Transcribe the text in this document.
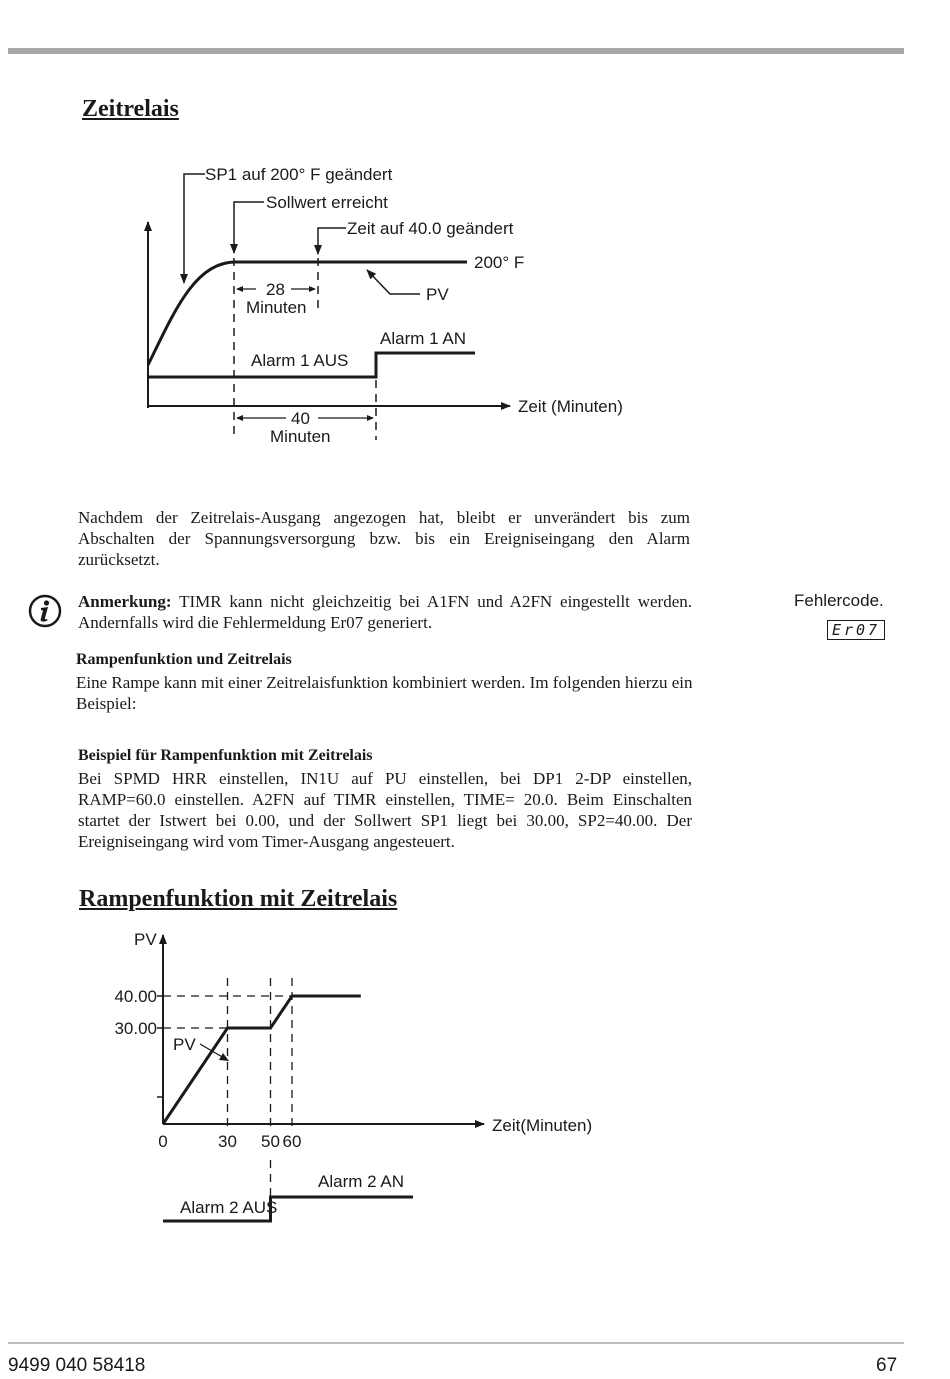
Zeitrelais
SP1 auf 200° F geändert
Sollwert erreicht
Zeit auf 40.0 geändert
200° F
PV
28
Minuten
Alarm 1 AUS
Alarm 1 AN
Zeit (Minuten)
40
Minuten
Nachdem der Zeitrelais-Ausgang angezogen hat, bleibt er unverändert bis zum Abschalten der Spannungsversorgung bzw. bis ein Ereigniseingang den Alarm zurücksetzt.
Anmerkung: TIMR kann nicht gleichzeitig bei A1FN und A2FN eingestellt werden. Andernfalls wird die Fehlermeldung Er07 generiert.
Fehlercode.
Er07
Rampenfunktion und Zeitrelais
Eine Rampe kann mit einer Zeitrelaisfunktion kombiniert werden. Im folgenden hierzu ein Beispiel:
Beispiel für Rampenfunktion mit Zeitrelais
Bei SPMD HRR einstellen, IN1U auf PU einstellen, bei DP1 2-DP einstellen, RAMP=60.0 einstellen. A2FN auf TIMR einstellen, TIME= 20.0. Beim Einschalten startet der Istwert bei 0.00, und der Sollwert SP1 liegt bei 30.00, SP2=40.00. Der Ereigniseingang wird vom Timer-Ausgang angesteuert.
Rampenfunktion mit Zeitrelais
0	30 50 60
30.00
40.00
PV
Alarm 2 AUS
Alarm 2 AN
PV
Zeit(Minuten)
9499 040 58418	67
